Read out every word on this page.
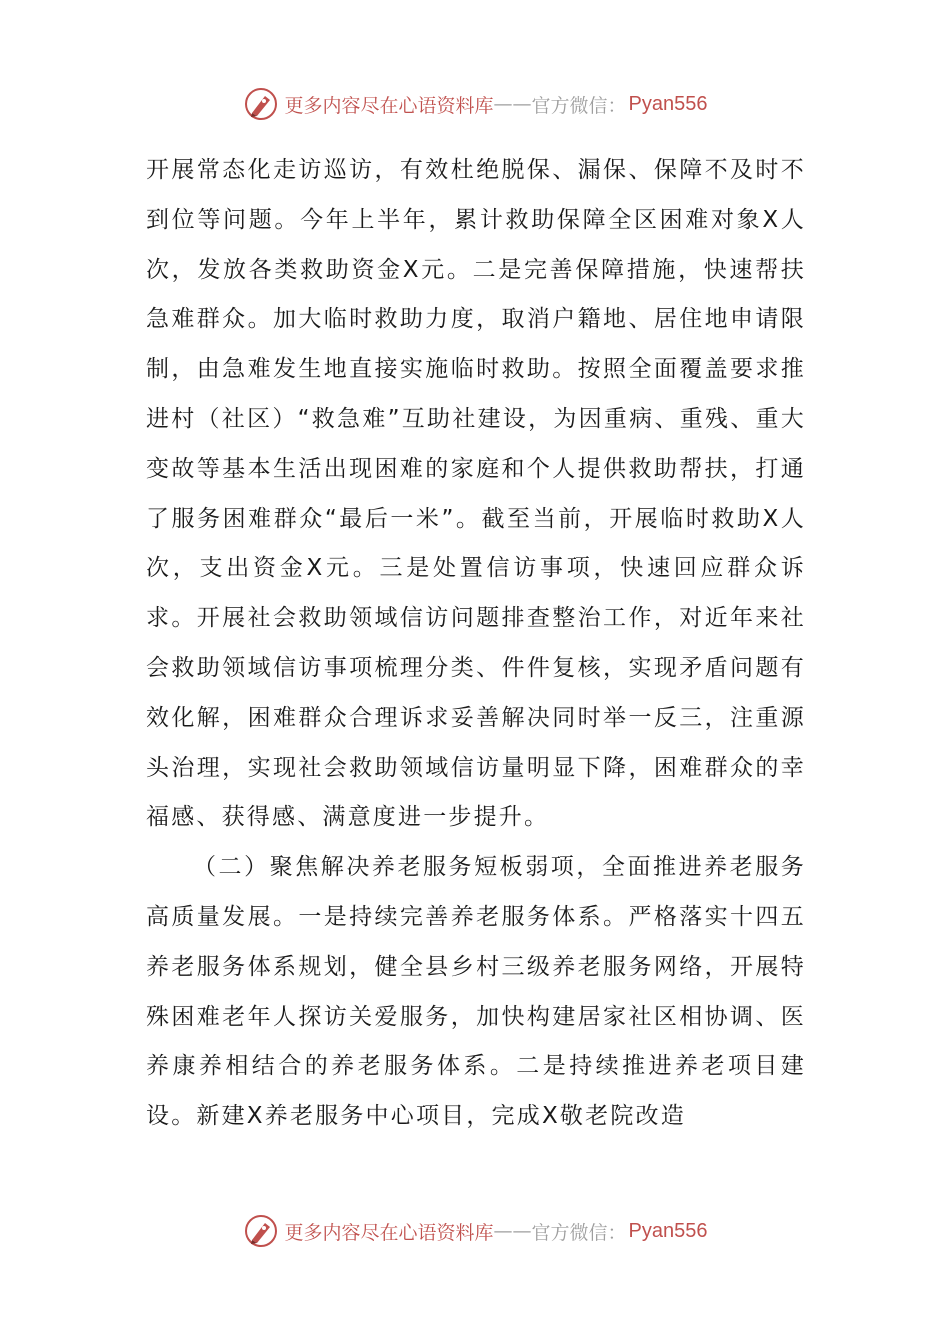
更多内容尽在心语资料库 —— 官方微信： Pyan556

开展常态化走访巡访，有效杜绝脱保、漏保、保障不及时不到位等问题。今年上半年，累计救助保障全区困难对象X人次，发放各类救助资金X元。二是完善保障措施，快速帮扶急难群众。加大临时救助力度，取消户籍地、居住地申请限制，由急难发生地直接实施临时救助。按照全面覆盖要求推进村（社区）“救急难”互助社建设，为因重病、重残、重大变故等基本生活出现困难的家庭和个人提供救助帮扶，打通了服务困难群众“最后一米”。截至当前，开展临时救助X人次，支出资金X元。三是处置信访事项，快速回应群众诉求。开展社会救助领域信访问题排查整治工作，对近年来社会救助领域信访事项梳理分类、件件复核，实现矛盾问题有效化解，困难群众合理诉求妥善解决同时举一反三，注重源头治理，实现社会救助领域信访量明显下降，困难群众的幸福感、获得感、满意度进一步提升。

（二）聚焦解决养老服务短板弱项，全面推进养老服务高质量发展。一是持续完善养老服务体系。严格落实十四五养老服务体系规划，健全县乡村三级养老服务网络，开展特殊困难老年人探访关爱服务，加快构建居家社区相协调、医养康养相结合的养老服务体系。二是持续推进养老项目建设。新建X养老服务中心项目，完成X敬老院改造

更多内容尽在心语资料库 —— 官方微信： Pyan556
